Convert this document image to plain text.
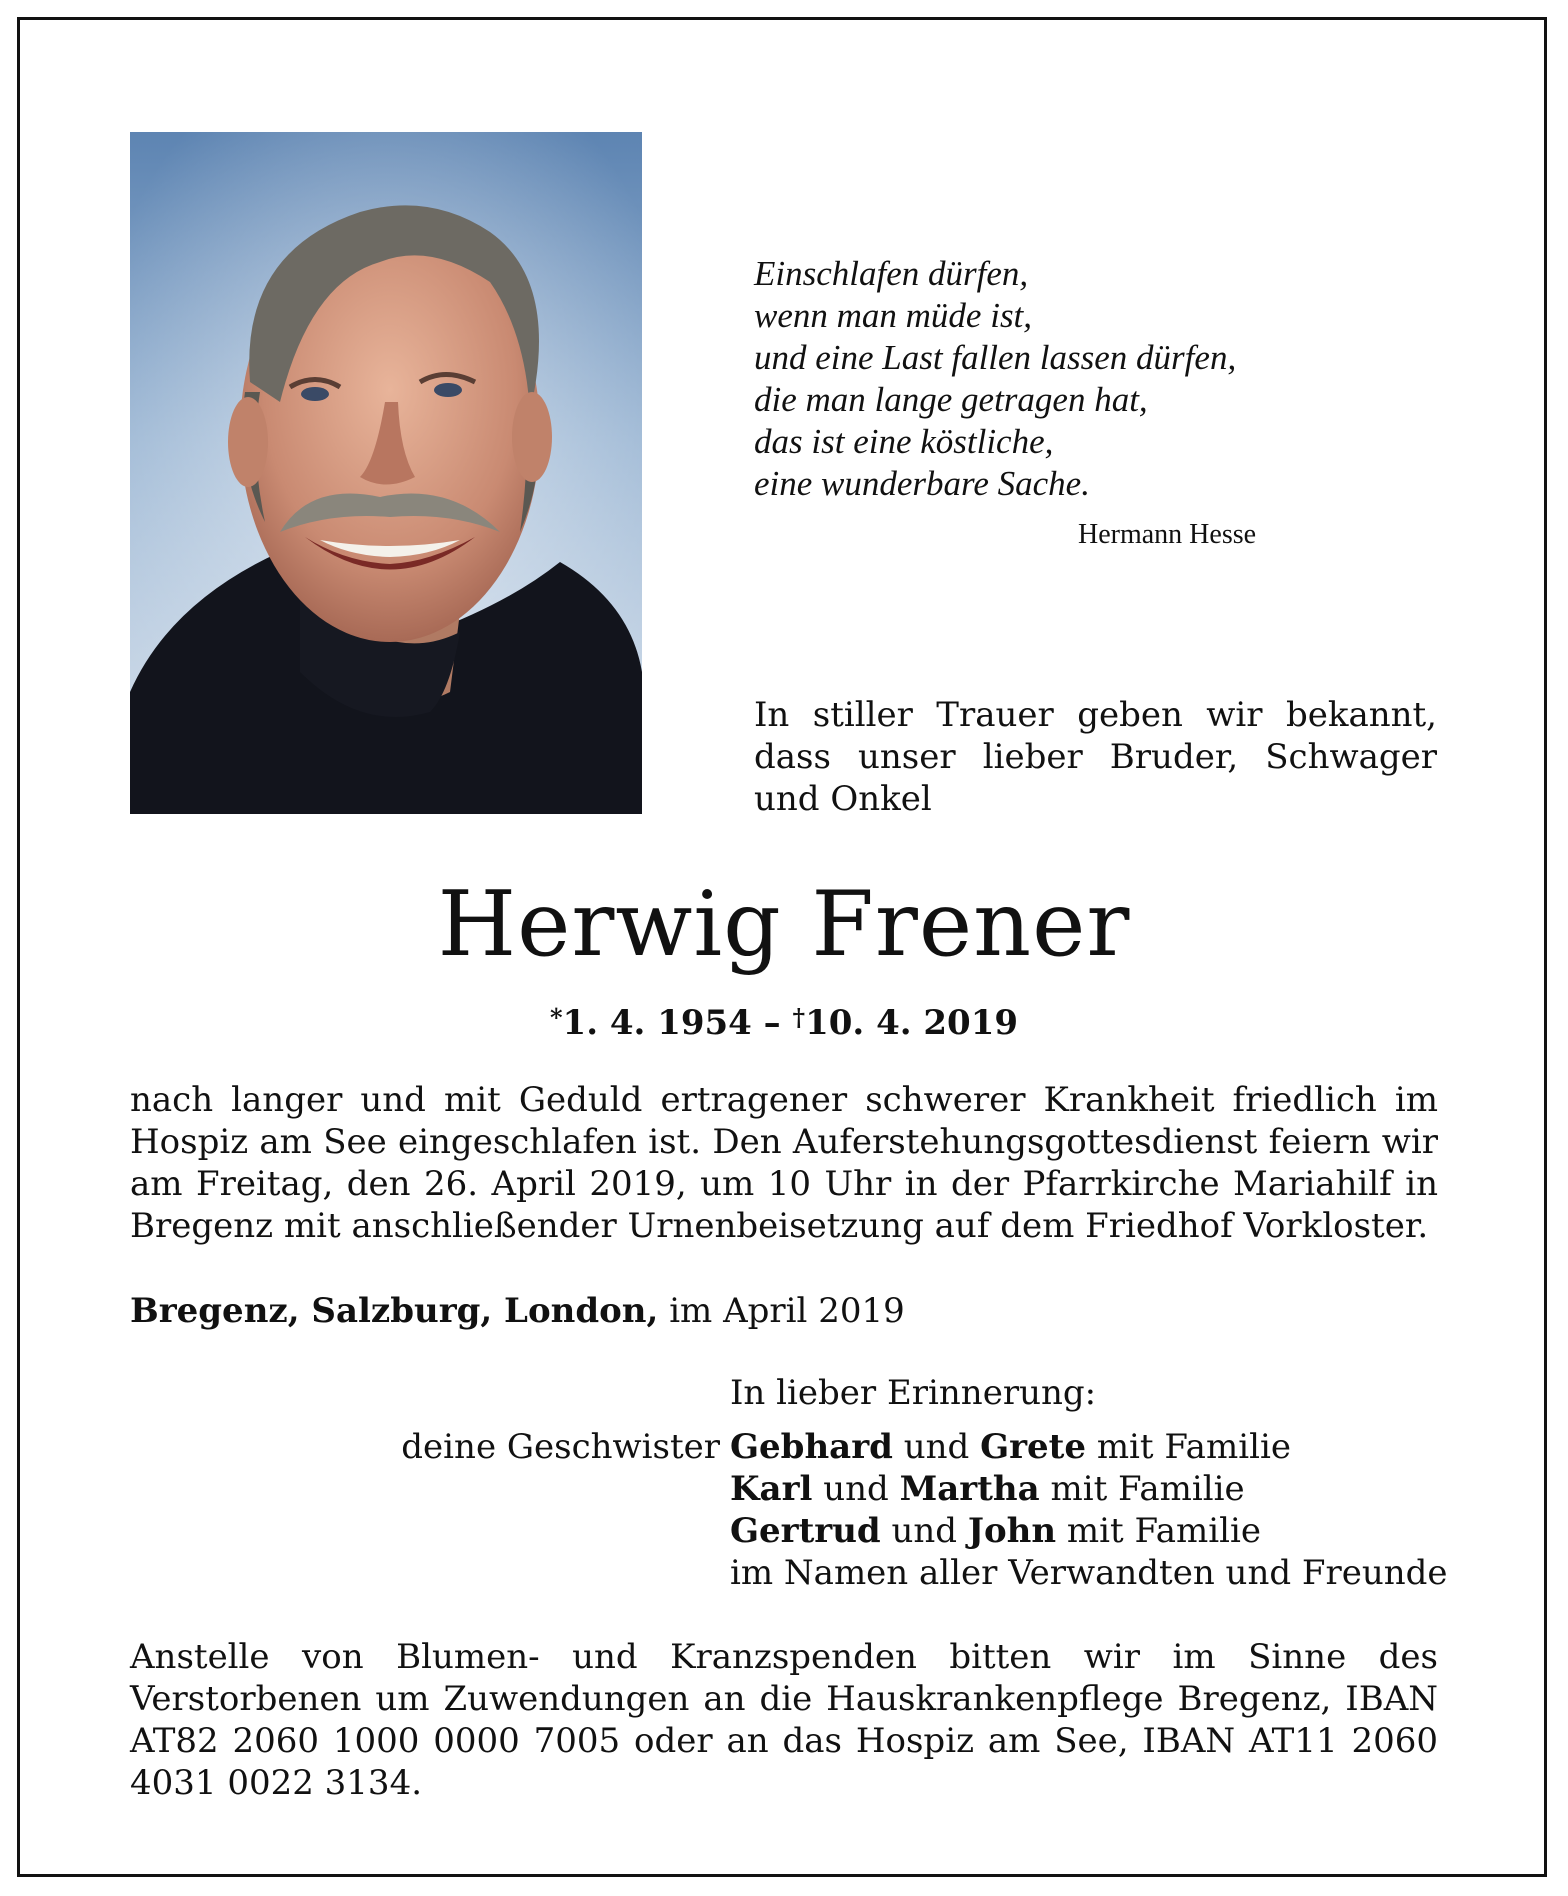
Einschlafen dürfen,
wenn man müde ist,
und eine Last fallen lassen dürfen,
die man lange getragen hat,
das ist eine köstliche,
eine wunderbare Sache.
Hermann Hesse
In stiller Trauer geben wir bekannt, dass unser lieber Bruder, Schwager und Onkel
Herwig Frener
*1. 4. 1954 – †10. 4. 2019
nach langer und mit Geduld ertragener schwerer Krankheit friedlich im Hospiz am See eingeschlafen ist. Den Auferstehungsgottesdienst feiern wir am Freitag, den 26. April 2019, um 10 Uhr in der Pfarrkirche Mariahilf in Bregenz mit anschließender Urnenbeisetzung auf dem Friedhof Vorkloster.
Bregenz, Salzburg, London, im April 2019
In lieber Erinnerung:
deine Geschwister Gebhard und Grete mit Familie
Karl und Martha mit Familie
Gertrud und John mit Familie
im Namen aller Verwandten und Freunde
Anstelle von Blumen- und Kranzspenden bitten wir im Sinne des Verstorbenen um Zuwendungen an die Hauskrankenpflege Bregenz, IBAN AT82 2060 1000 0000 7005 oder an das Hospiz am See, IBAN AT11 2060 4031 0022 3134.
